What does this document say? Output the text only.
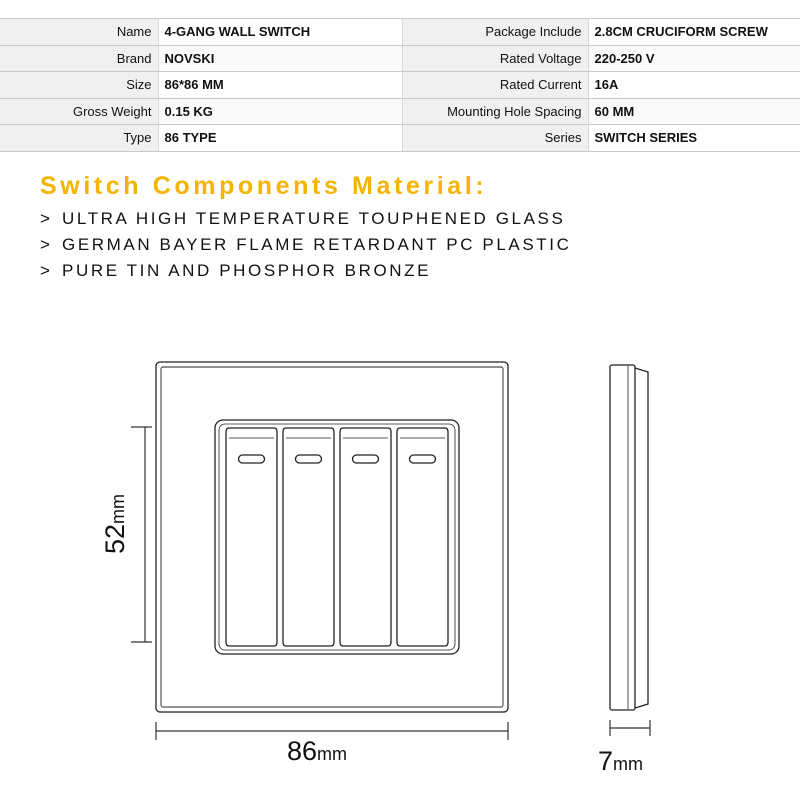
Name	4-GANG WALL SWITCH	Package Include	2.8CM CRUCIFORM SCREW
Brand	NOVSKI	Rated Voltage	220-250 V
Size	86*86 MM	Rated Current	16A
Gross Weight	0.15 KG	Mounting Hole Spacing	60 MM
Type	86 TYPE	Series	SWITCH SERIES
Switch Components Material:
> ULTRA HIGH TEMPERATURE TOUPHENED GLASS
> GERMAN BAYER FLAME RETARDANT PC PLASTIC
> PURE TIN AND PHOSPHOR BRONZE
86mm
52mm
7mm
